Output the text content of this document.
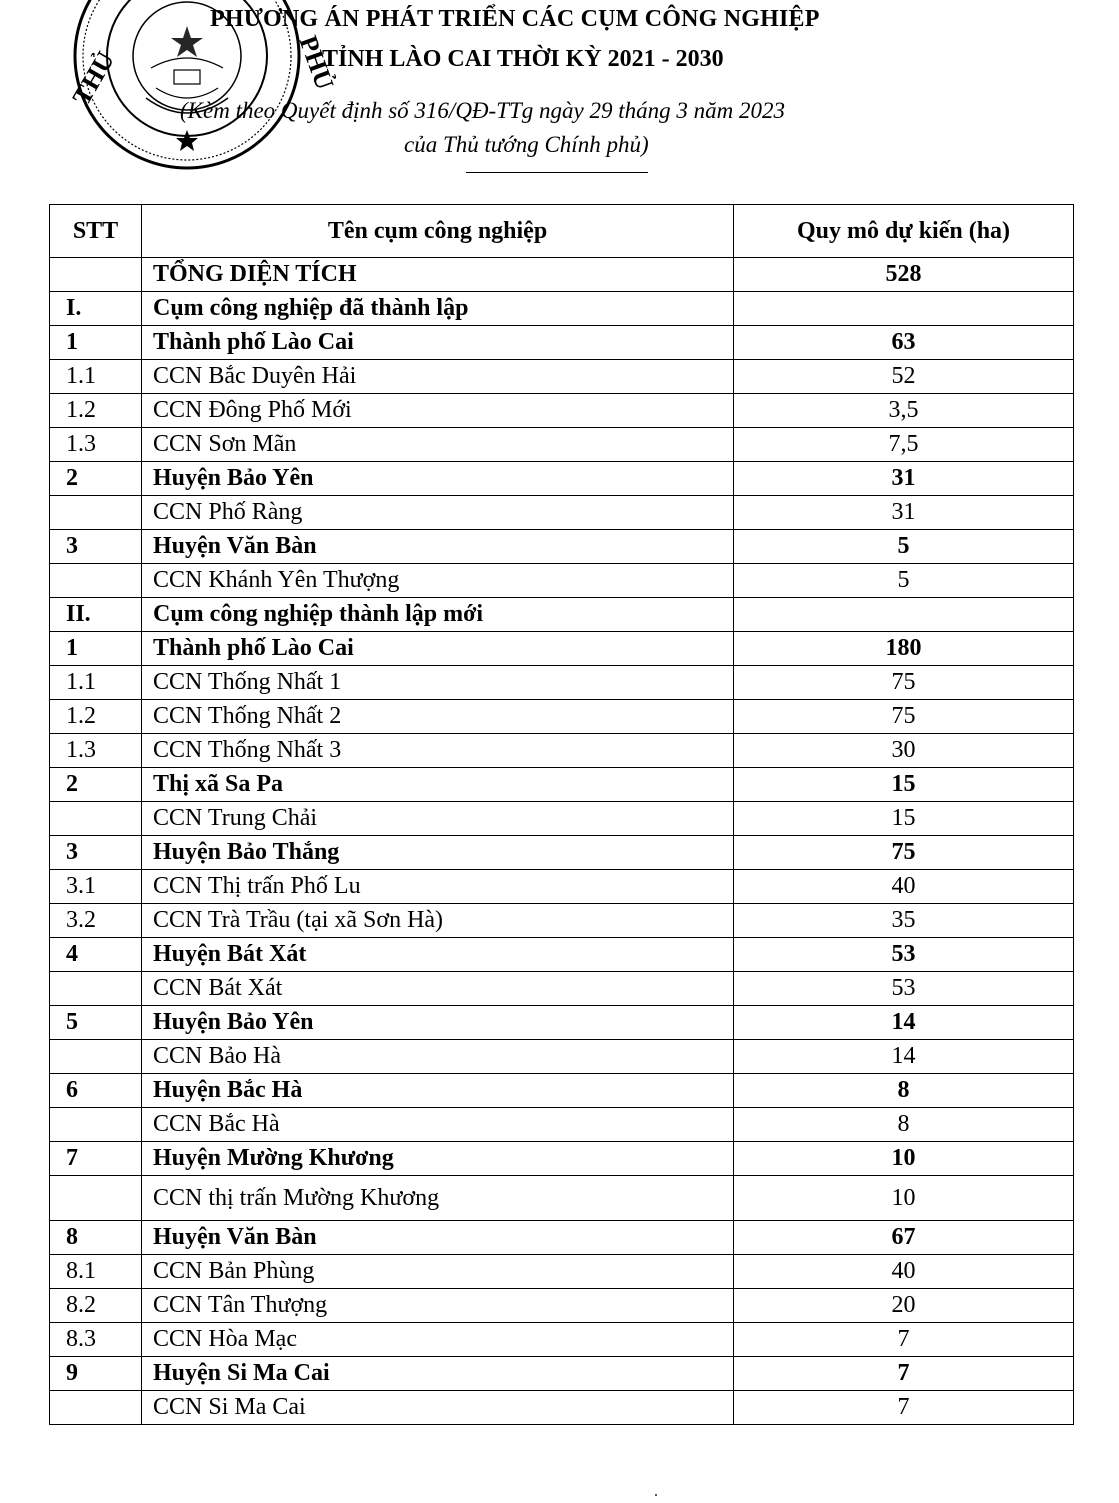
THỦ	PHỦ
PHƯƠNG ÁN PHÁT TRIỂN CÁC CỤM CÔNG NGHIỆP
TỈNH LÀO CAI THỜI KỲ 2021 - 2030
(Kèm theo Quyết định số 316/QĐ-TTg ngày 29 tháng 3 năm 2023
của Thủ tướng Chính phủ)
STT	Tên cụm công nghiệp	Quy mô dự kiến (ha)
	TỔNG DIỆN TÍCH	528
I.	Cụm công nghiệp đã thành lập	
1	Thành phố Lào Cai	63
1.1	CCN Bắc Duyên Hải	52
1.2	CCN Đông Phố Mới	3,5
1.3	CCN Sơn Mãn	7,5
2	Huyện Bảo Yên	31
	CCN Phố Ràng	31
3	Huyện Văn Bàn	5
	CCN Khánh Yên Thượng	5
II.	Cụm công nghiệp thành lập mới	
1	Thành phố Lào Cai	180
1.1	CCN Thống Nhất 1	75
1.2	CCN Thống Nhất 2	75
1.3	CCN Thống Nhất 3	30
2	Thị xã Sa Pa	15
	CCN Trung Chải	15
3	Huyện Bảo Thắng	75
3.1	CCN Thị trấn Phố Lu	40
3.2	CCN Trà Trầu (tại xã Sơn Hà)	35
4	Huyện Bát Xát	53
	CCN Bát Xát	53
5	Huyện Bảo Yên	14
	CCN Bảo Hà	14
6	Huyện Bắc Hà	8
	CCN Bắc Hà	8
7	Huyện Mường Khương	10
	CCN thị trấn Mường Khương	10
8	Huyện Văn Bàn	67
8.1	CCN Bản Phùng	40
8.2	CCN Tân Thượng	20
8.3	CCN Hòa Mạc	7
9	Huyện Si Ma Cai	7
	CCN Si Ma Cai	7
